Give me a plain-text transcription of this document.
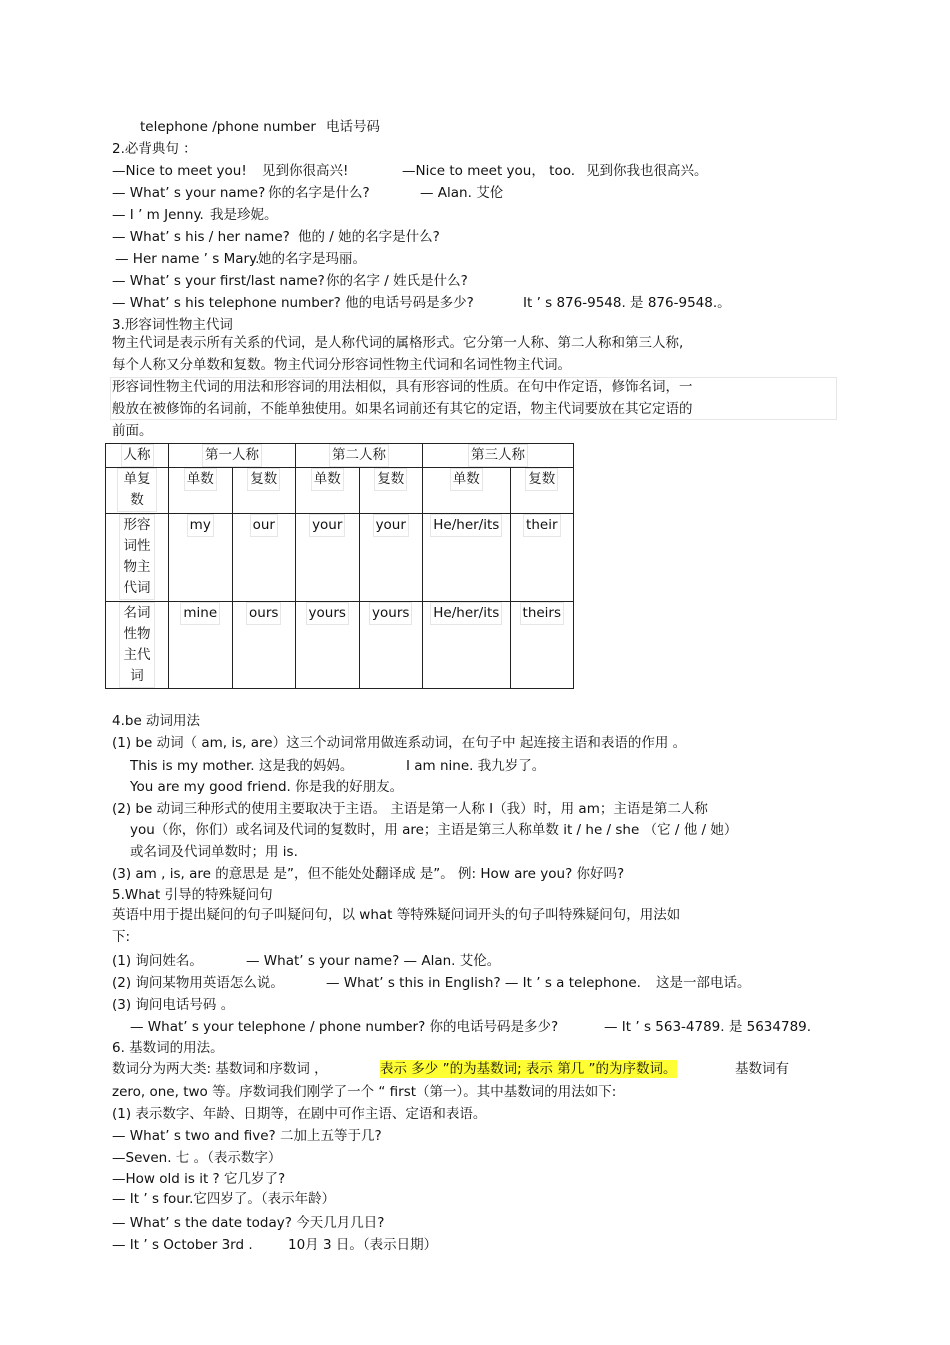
telephone /phone number 电话号码
2.必背典句 ：
—Nice to meet you! 见到你很高兴!	—Nice to meet you， too. 见到你我也很高兴。
— What’ s your name? 你的名字是什么?	— Alan. 艾伦
— I ’ m Jenny. 我是珍妮。
— What’ s his / her name? 他的 / 她的名字是什么?
— Her name ’ s Mary.
她的名字是玛丽。
— What’ s your first/last name? 你的名字 / 姓氏是什么?
— What’ s his telephone number? 他的电话号码是多少?	It ’ s 876-9548. 是 876-9548.。
3.形容词性物主代词
物主代词是表示所有关系的代词，是人称代词的属格形式。它分第一人称、第二人称和第三人称,
每个人称又分单数和复数。物主代词分形容词性物主代词和名词性物主代词。
形容词性物主代词的用法和形容词的用法相似，具有形容词的性质。在句中作定语，修饰名词，一
般放在被修饰的名词前，不能单独使用。如果名词前还有其它的定语，物主代词要放在其它定语的
前面。
人称	第一人称		第二人称		第三人称	
单复数	单数	复数	单数	复数	单数	复数
形容词性物主代词	my	our	your	your	He/her/its	their
名词性物主代词	mine	ours	yours	yours	He/her/its	theirs
4.be 动词用法
(1) be 动词（ am, is, are）这三个动词常用做连系动词，在句子中 起连接主语和表语的作用 。
This is my mother. 这是我的妈妈。	I am nine. 我九岁了。
You are my good friend. 你是我的好朋友。
(2) be 动词三种形式的使用主要取决于主语。 主语是第一人称 I（我）时，用 am；主语是第二人称
you（你，你们）或名词及代词的复数时，用 are；主语是第三人称单数 it / he / she （它 / 他 / 她）
或名词及代词单数时；用 is.
(3) am , is, are 的意思是 是”，但不能处处翻译成 是”。 例: How are you? 你好吗?
5.What 引导的特殊疑问句
英语中用于提出疑问的句子叫疑问句，以 what 等特殊疑问词开头的句子叫特殊疑问句，用法如
下:
(1) 询问姓名。	— What’ s your name? — Alan. 艾伦。
(2) 询问某物用英语怎么说。	— What’ s this in English? — It ’ s a telephone. 这是一部电话。
(3) 询问电话号码 。
— What’ s your telephone / phone number? 你的电话号码是多少?	— It ’ s 563-4789. 是 5634789.
6. 基数词的用法。
数词分为两大类: 基数词和序数词 ，	表示 多少 ”的为基数词; 表示 第几 ”的为序数词。	基数词有
zero, one, two 等。序数词我们刚学了一个 “ first（第一）。其中基数词的用法如下:
(1) 表示数字、年龄、日期等，在剧中可作主语、定语和表语。
— What’ s two and five? 二加上五等于几?
—Seven. 七 。（表示数字）
—How old is it ? 它几岁了?
— It ’ s four.它四岁了。（表示年龄）
— What’ s the date today? 今天几月几日?
— It ’ s October 3rd .	10月 3 日。（表示日期）
